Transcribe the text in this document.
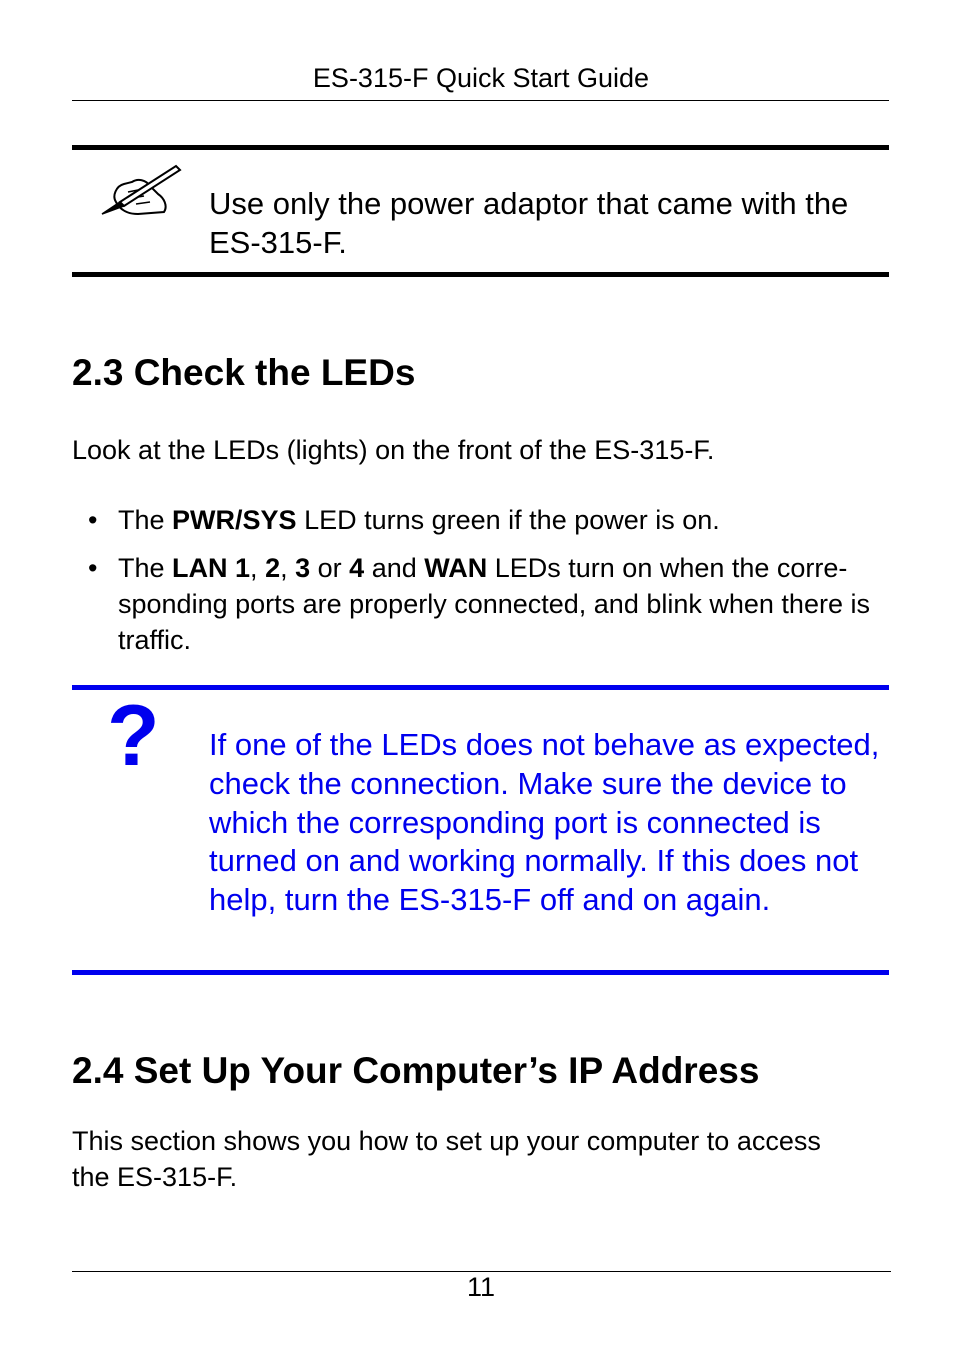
ES-315-F Quick Start Guide
Use only the power adaptor that came with the ES-315-F.
2.3 Check the LEDs
Look at the LEDs (lights) on the front of the ES-315-F.
• The PWR/SYS LED turns green if the power is on.
• The LAN 1, 2, 3 or 4 and WAN LEDs turn on when the corre-sponding ports are properly connected, and blink when there is traffic.
? If one of the LEDs does not behave as expected, check the connection. Make sure the device to which the corresponding port is connected is turned on and working normally. If this does not help, turn the ES-315-F off and on again.
2.4 Set Up Your Computer’s IP Address
This section shows you how to set up your computer to access the ES-315-F.
11
